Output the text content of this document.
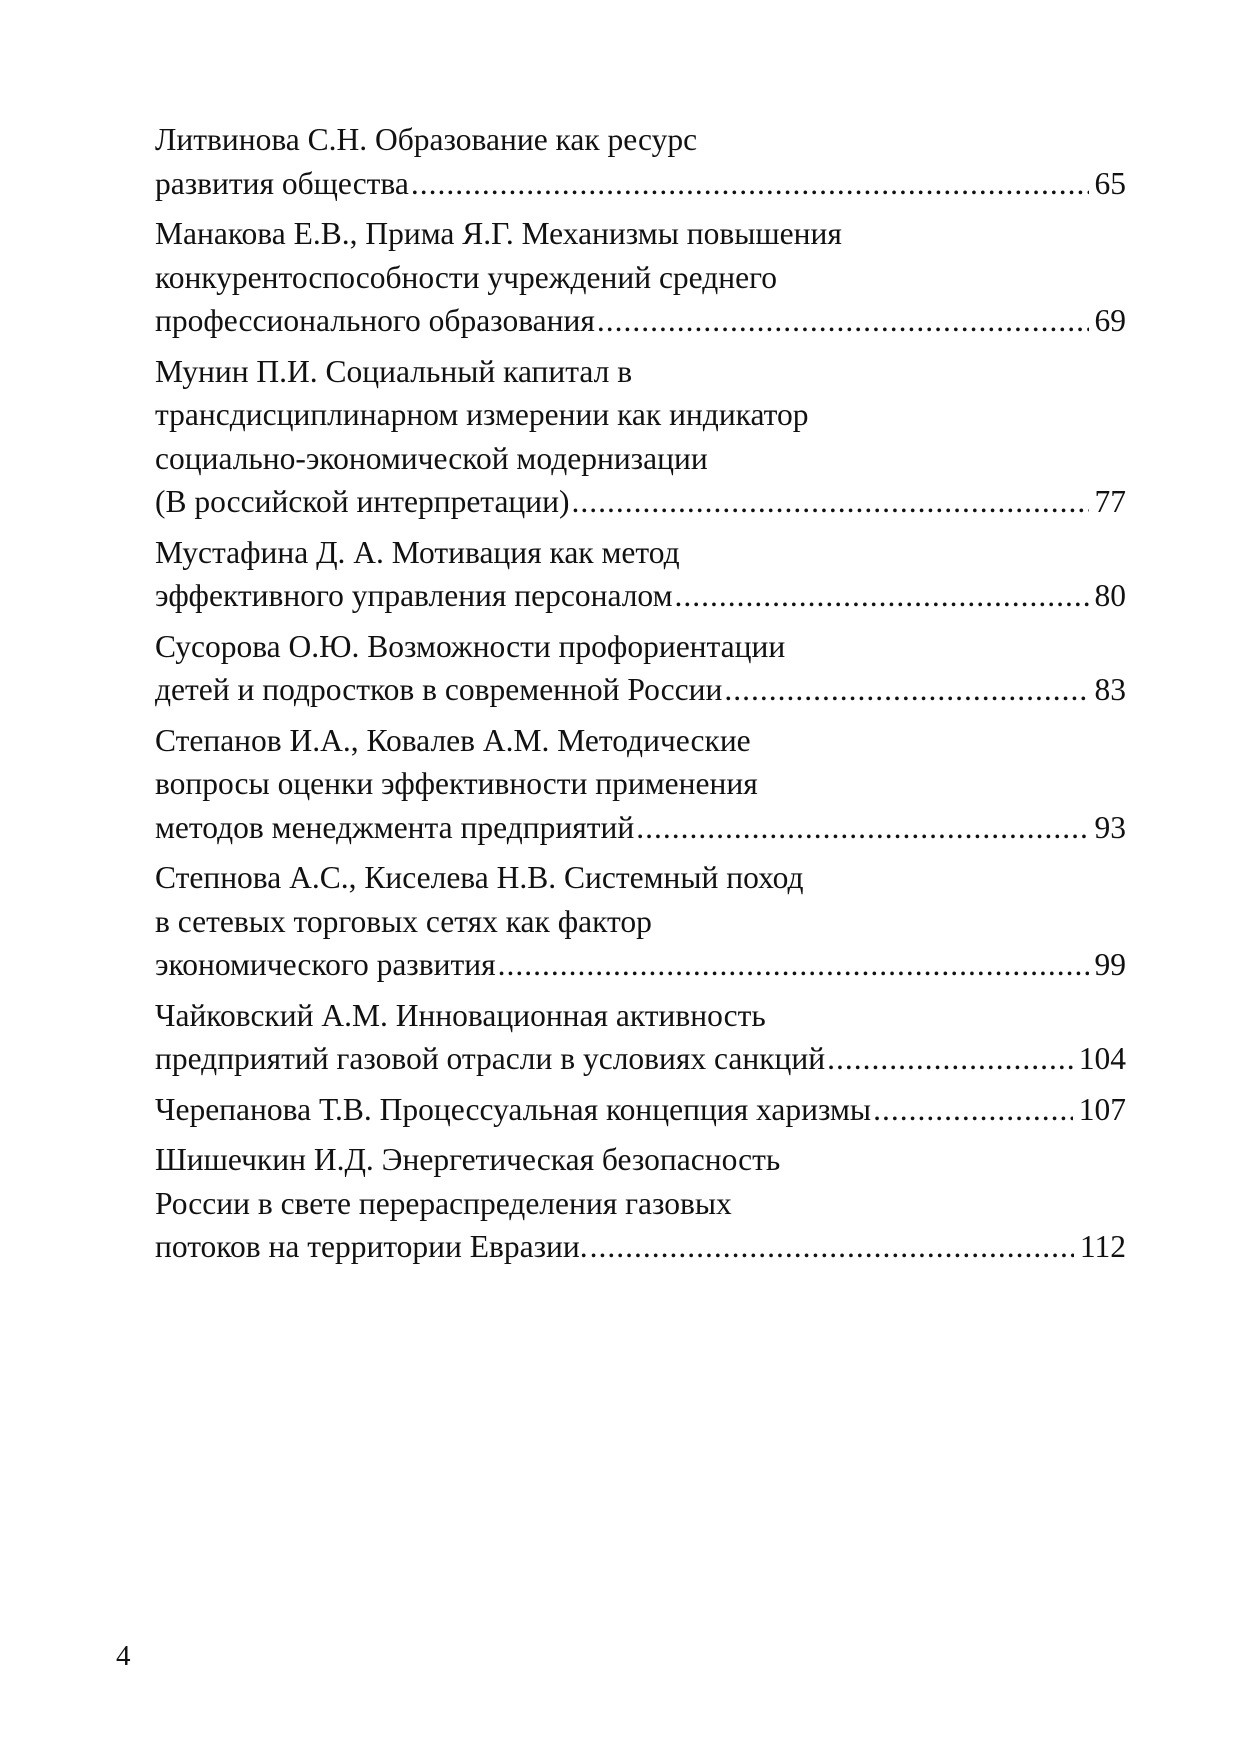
Литвинова С.Н. Образование как ресурс
развития общества .....	65
Манакова Е.В., Прима Я.Г. Механизмы повышения
конкурентоспособности учреждений среднего
профессионального образования .....	69
Мунин П.И. Социальный капитал в
трансдисциплинарном измерении как индикатор
социально-экономической модернизации
(В российской интерпретации) .....	77
Мустафина Д. А. Мотивация как метод
эффективного управления персоналом .....	80
Сусорова О.Ю. Возможности профориентации
детей и подростков в современной России .....	83
Степанов И.А., Ковалев А.М. Методические
вопросы оценки эффективности применения
методов менеджмента предприятий .....	93
Степнова А.С., Киселева Н.В. Системный поход
в сетевых торговых сетях как фактор
экономического развития .....	99
Чайковский А.М. Инновационная активность
предприятий газовой отрасли в условиях санкций .....	104
Черепанова Т.В. Процессуальная концепция харизмы .....	107
Шишечкин И.Д. Энергетическая безопасность
России в свете перераспределения газовых
потоков на территории Евразии. .....	112
4
